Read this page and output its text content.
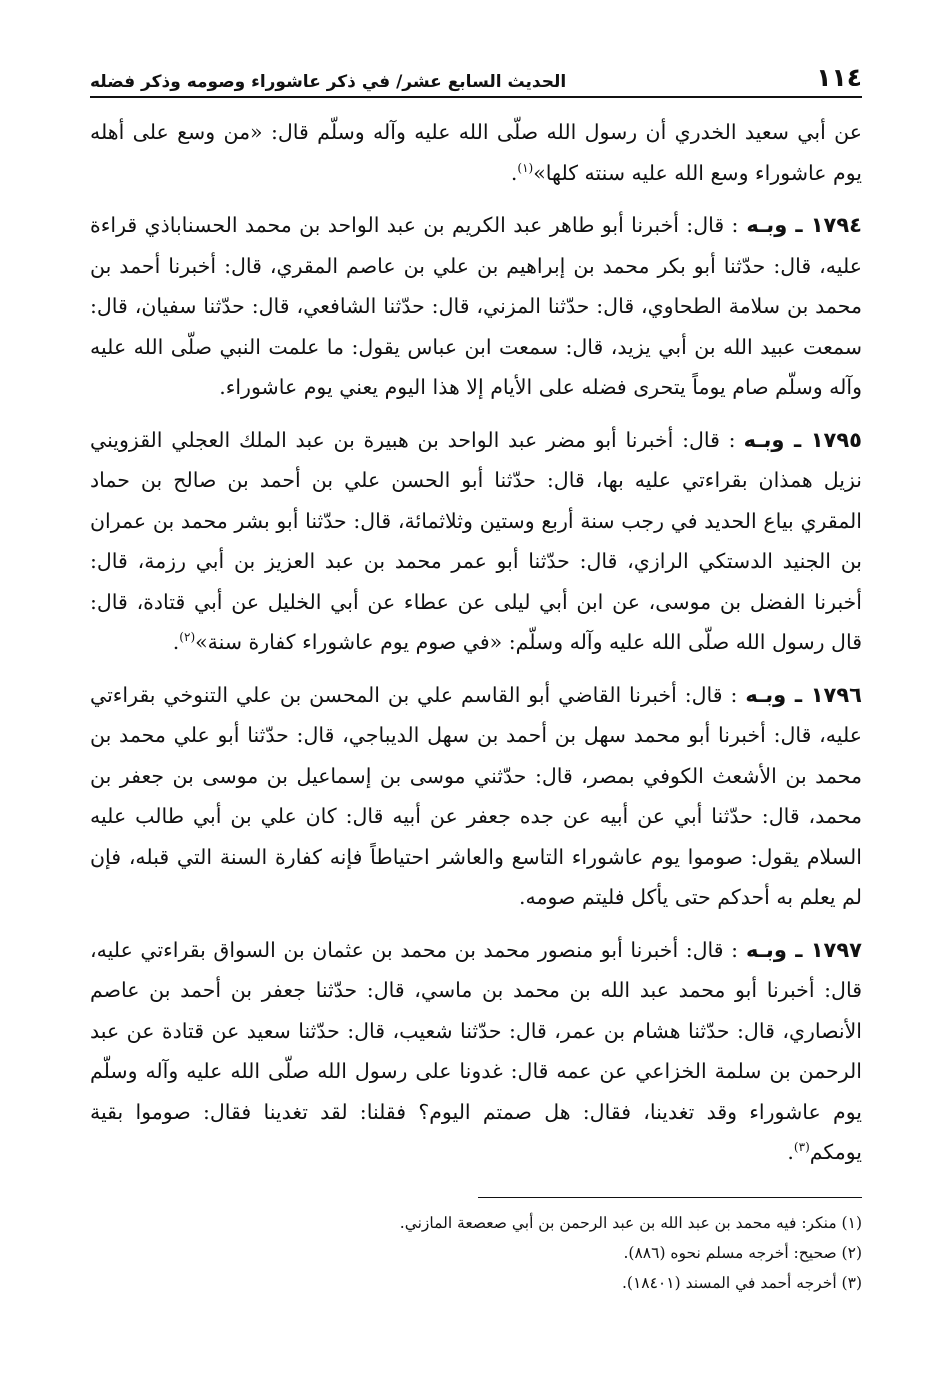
١١٤
الحديث السابع عشر/ في ذكر عاشوراء وصومه وذكر فضله

عن أبي سعيد الخدري أن رسول الله صلّى الله عليه وآله وسلّم قال: «من وسع على أهله يوم عاشوراء وسع الله عليه سنته كلها»$^{(١)}$.

١٧٩٤ ـ وبـه: قال: أخبرنا أبو طاهر عبد الكريم بن عبد الواحد بن محمد الحسناباذي قراءة عليه، قال: حدّثنا أبو بكر محمد بن إبراهيم بن علي بن عاصم المقري، قال: أخبرنا أحمد بن محمد بن سلامة الطحاوي، قال: حدّثنا المزني، قال: حدّثنا الشافعي، قال: حدّثنا سفيان، قال: سمعت عبيد الله بن أبي يزيد، قال: سمعت ابن عباس يقول: ما علمت النبي صلّى الله عليه وآله وسلّم صام يوماً يتحرى فضله على الأيام إلا هذا اليوم يعني يوم عاشوراء.

١٧٩٥ ـ وبـه: قال: أخبرنا أبو مضر عبد الواحد بن هبيرة بن عبد الملك العجلي القزويني نزيل همذان بقراءتي عليه بها، قال: حدّثنا أبو الحسن علي بن أحمد بن صالح بن حماد المقري بياع الحديد في رجب سنة أربع وستين وثلاثمائة، قال: حدّثنا أبو بشر محمد بن عمران بن الجنيد الدستكي الرازي، قال: حدّثنا أبو عمر محمد بن عبد العزيز بن أبي رزمة، قال: أخبرنا الفضل بن موسى، عن ابن أبي ليلى عن عطاء عن أبي الخليل عن أبي قتادة، قال: قال رسول الله صلّى الله عليه وآله وسلّم: «في صوم يوم عاشوراء كفارة سنة»$^{(٢)}$.

١٧٩٦ ـ وبـه: قال: أخبرنا القاضي أبو القاسم علي بن المحسن بن علي التنوخي بقراءتي عليه، قال: أخبرنا أبو محمد سهل بن أحمد بن سهل الديباجي، قال: حدّثنا أبو علي محمد بن محمد بن الأشعث الكوفي بمصر، قال: حدّثني موسى بن إسماعيل بن موسى بن جعفر بن محمد، قال: حدّثنا أبي عن أبيه عن جده جعفر عن أبيه قال: كان علي بن أبي طالب عليه السلام يقول: صوموا يوم عاشوراء التاسع والعاشر احتياطاً فإنه كفارة السنة التي قبله، فإن لم يعلم به أحدكم حتى يأكل فليتم صومه.

١٧٩٧ ـ وبـه: قال: أخبرنا أبو منصور محمد بن محمد بن عثمان بن السواق بقراءتي عليه، قال: أخبرنا أبو محمد عبد الله بن محمد بن ماسي، قال: حدّثنا جعفر بن أحمد بن عاصم الأنصاري، قال: حدّثنا هشام بن عمر، قال: حدّثنا شعيب، قال: حدّثنا سعيد عن قتادة عن عبد الرحمن بن سلمة الخزاعي عن عمه قال: غدونا على رسول الله صلّى الله عليه وآله وسلّم يوم عاشوراء وقد تغدينا، فقال: هل صمتم اليوم؟ فقلنا: لقد تغدينا فقال: صوموا بقية يومكم$^{(٣)}$.

(١) منكر: فيه محمد بن عبد الله بن عبد الرحمن بن أبي صعصعة المازني.

(٢) صحيح: أخرجه مسلم نحوه (٨٨٦).

(٣) أخرجه أحمد في المسند (١٨٤٠١).
